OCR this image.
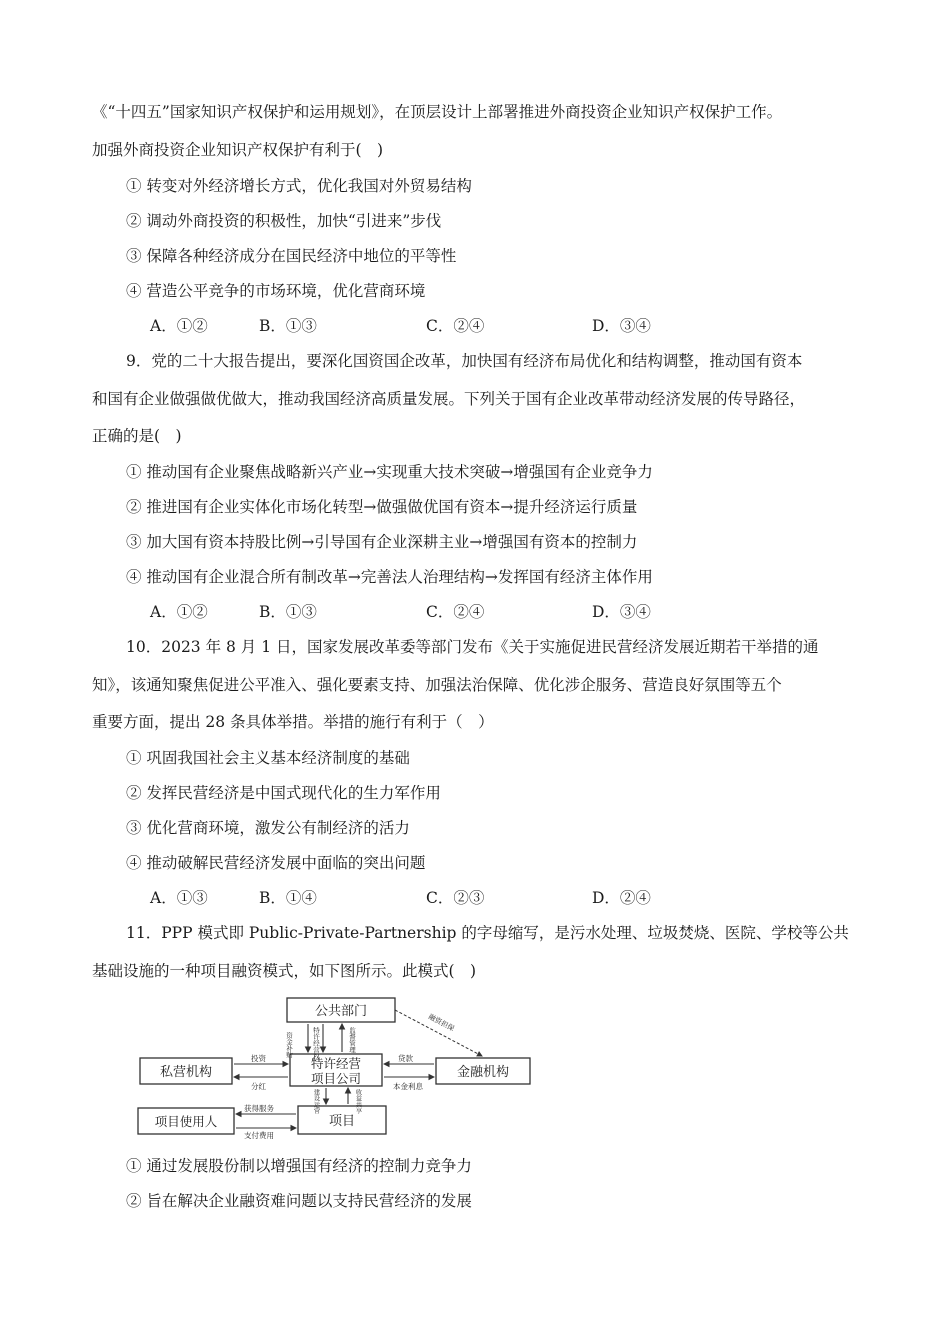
《“十四五”国家知识产权保护和运用规划》，在顶层设计上部署推进外商投资企业知识产权保护工作。
加强外商投资企业知识产权保护有利于(　)
① 转变对外经济增长方式，优化我国对外贸易结构
② 调动外商投资的积极性，加快“引进来”步伐
③ 保障各种经济成分在国民经济中地位的平等性
④ 营造公平竞争的市场环境，优化营商环境
A．①②	B．①③	C．②④	D．③④
9．党的二十大报告提出，要深化国资国企改革，加快国有经济布局优化和结构调整，推动国有资本
和国有企业做强做优做大，推动我国经济高质量发展。下列关于国有企业改革带动经济发展的传导路径，
正确的是(　)
① 推动国有企业聚焦战略新兴产业→实现重大技术突破→增强国有企业竞争力
② 推进国有企业实体化市场化转型→做强做优国有资本→提升经济运行质量
③ 加大国有资本持股比例→引导国有企业深耕主业→增强国有资本的控制力
④ 推动国有企业混合所有制改革→完善法人治理结构→发挥国有经济主体作用
A．①②	B．①③	C．②④	D．③④
10．2023 年 8 月 1 日，国家发展改革委等部门发布《关于实施促进民营经济发展近期若干举措的通
知》，该通知聚焦促进公平准入、强化要素支持、加强法治保障、优化涉企服务、营造良好氛围等五个
重要方面，提出 28 条具体举措。举措的施行有利于（　）
① 巩固我国社会主义基本经济制度的基础
② 发挥民营经济是中国式现代化的生力军作用
③ 优化营商环境，激发公有制经济的活力
④ 推动破解民营经济发展中面临的突出问题
A．①③	B．①④	C．②③	D．②④
11．PPP 模式即 Public-Private-Partnership 的字母缩写，是污水处理、垃圾焚烧、医院、学校等公共
基础设施的一种项目融资模式，如下图所示。此模式(　)
公共部门
特许经营
项目公司
私营机构	金融机构
项目使用人	项目
资金补贴	特许经营权	监督管理
融资担保
投资
分红
贷款
本金利息
建设运营	收益共享
获得服务
支付费用
① 通过发展股份制以增强国有经济的控制力竞争力
② 旨在解决企业融资难问题以支持民营经济的发展
